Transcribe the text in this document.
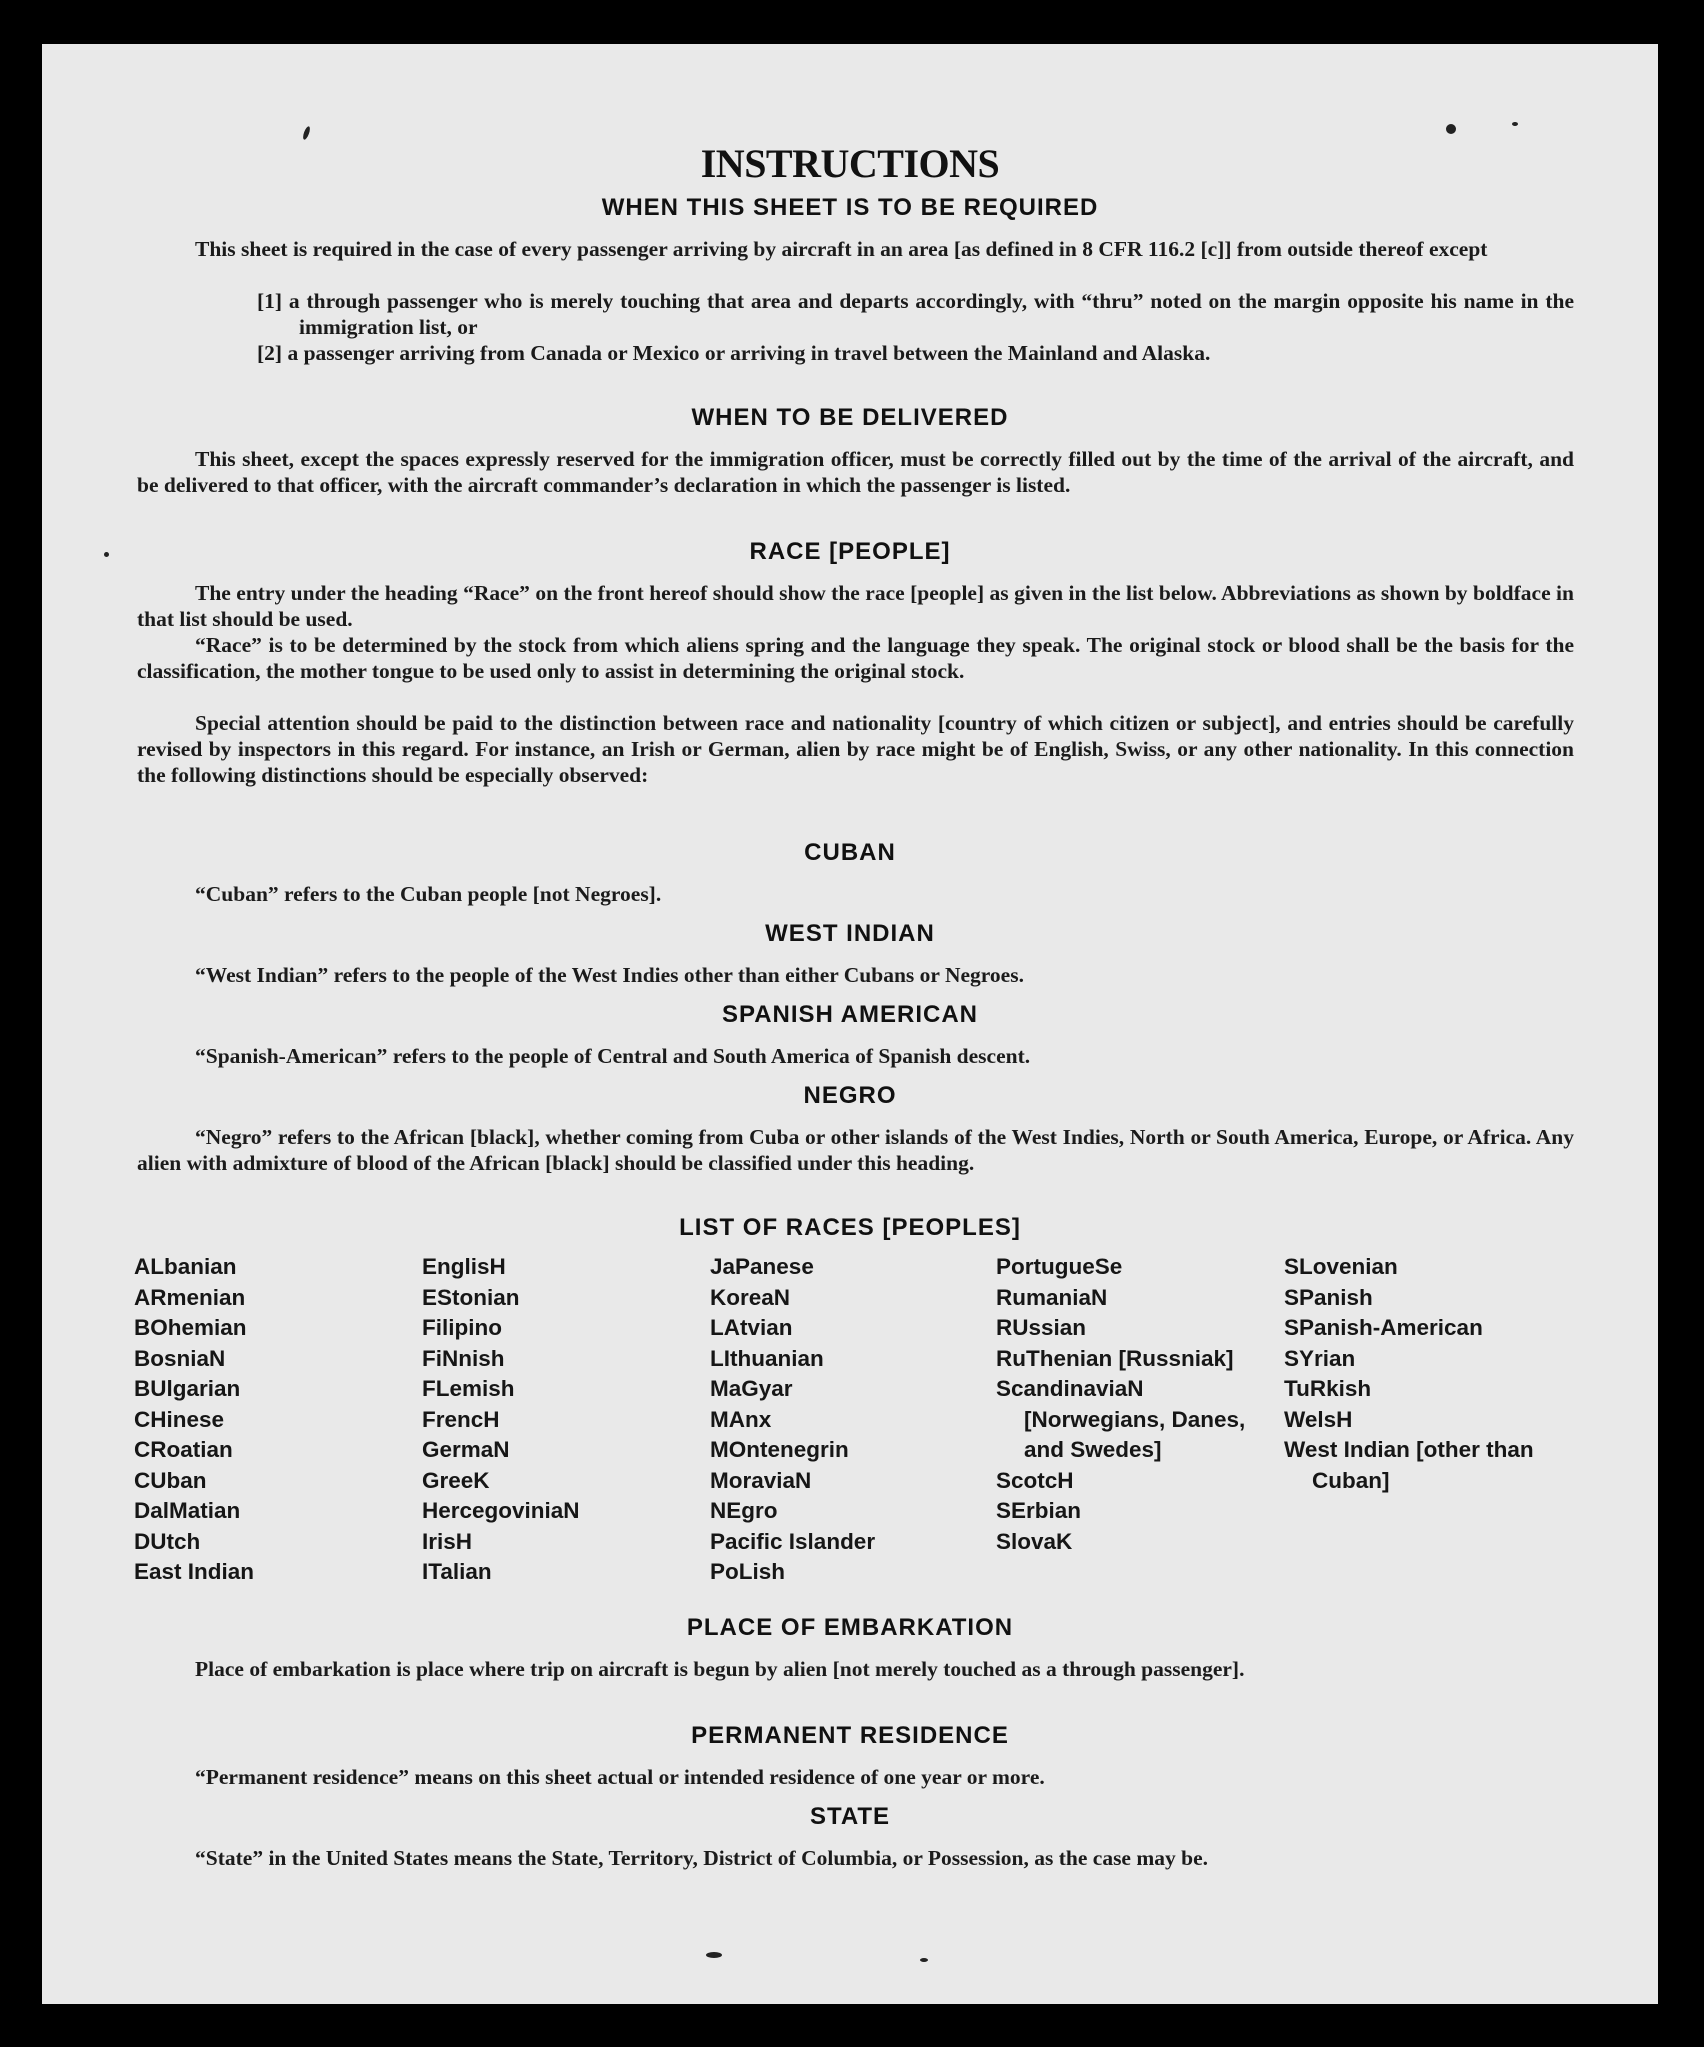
INSTRUCTIONS
WHEN THIS SHEET IS TO BE REQUIRED
This sheet is required in the case of every passenger arriving by aircraft in an area [as defined in 8 CFR 116.2 [c]] from outside thereof except
[1] a through passenger who is merely touching that area and departs accordingly, with “thru” noted on the margin opposite his name in the immigration list, or
[2] a passenger arriving from Canada or Mexico or arriving in travel between the Mainland and Alaska.
WHEN TO BE DELIVERED
This sheet, except the spaces expressly reserved for the immigration officer, must be correctly filled out by the time of the arrival of the aircraft, and be delivered to that officer, with the aircraft commander’s declaration in which the passenger is listed.
RACE [PEOPLE]
The entry under the heading “Race” on the front hereof should show the race [people] as given in the list below. Abbreviations as shown by boldface in that list should be used.
“Race” is to be determined by the stock from which aliens spring and the language they speak. The original stock or blood shall be the basis for the classification, the mother tongue to be used only to assist in determining the original stock.
Special attention should be paid to the distinction between race and nationality [country of which citizen or subject], and entries should be carefully revised by inspectors in this regard. For instance, an Irish or German, alien by race might be of English, Swiss, or any other nationality. In this connection the following distinctions should be especially observed:
CUBAN
“Cuban” refers to the Cuban people [not Negroes].
WEST INDIAN
“West Indian” refers to the people of the West Indies other than either Cubans or Negroes.
SPANISH AMERICAN
“Spanish-American” refers to the people of Central and South America of Spanish descent.
NEGRO
“Negro” refers to the African [black], whether coming from Cuba or other islands of the West Indies, North or South America, Europe, or Africa. Any alien with admixture of blood of the African [black] should be classified under this heading.
LIST OF RACES [PEOPLES]
ALbanian
ARmenian
BOhemian
BosniaN
BUlgarian
CHinese
CRoatian
CUban
DalMatian
DUtch
East Indian
EnglisH
EStonian
Filipino
FiNnish
FLemish
FrencH
GermaN
GreeK
HercegoviniaN
IrisH
ITalian
JaPanese
KoreaN
LAtvian
LIthuanian
MaGyar
MAnx
MOntenegrin
MoraviaN
NEgro
Pacific Islander
PoLish
PortugueSe
RumaniaN
RUssian
RuThenian [Russniak]
ScandinaviaN [Norwegians, Danes, and Swedes]
ScotcH
SErbian
SlovaK
SLovenian
SPanish
SPanish-American
SYrian
TuRkish
WelsH
West Indian [other than Cuban]
PLACE OF EMBARKATION
Place of embarkation is place where trip on aircraft is begun by alien [not merely touched as a through passenger].
PERMANENT RESIDENCE
“Permanent residence” means on this sheet actual or intended residence of one year or more.
STATE
“State” in the United States means the State, Territory, District of Columbia, or Possession, as the case may be.
